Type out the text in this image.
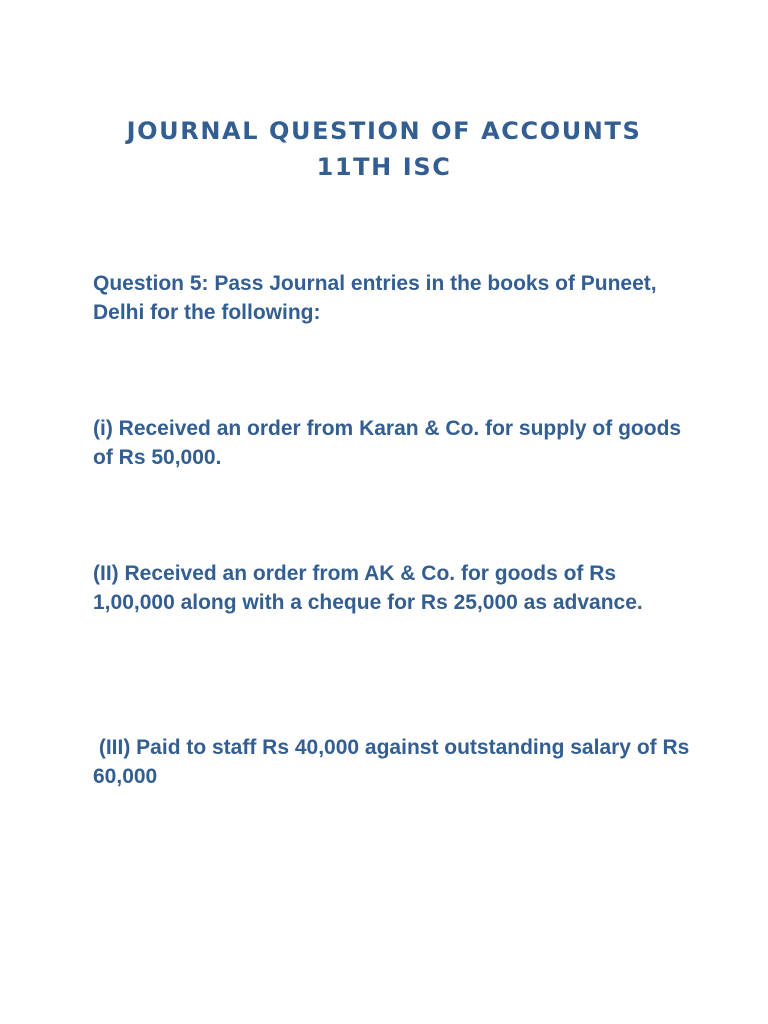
JOURNAL QUESTION OF ACCOUNTS
11TH ISC
Question 5: Pass Journal entries in the books of Puneet, Delhi for the following:
(i) Received an order from Karan & Co. for supply of goods of Rs 50,000.
(II) Received an order from AK & Co. for goods of Rs 1,00,000 along with a cheque for Rs 25,000 as advance.
(III) Paid to staff Rs 40,000 against outstanding salary of Rs 60,000
